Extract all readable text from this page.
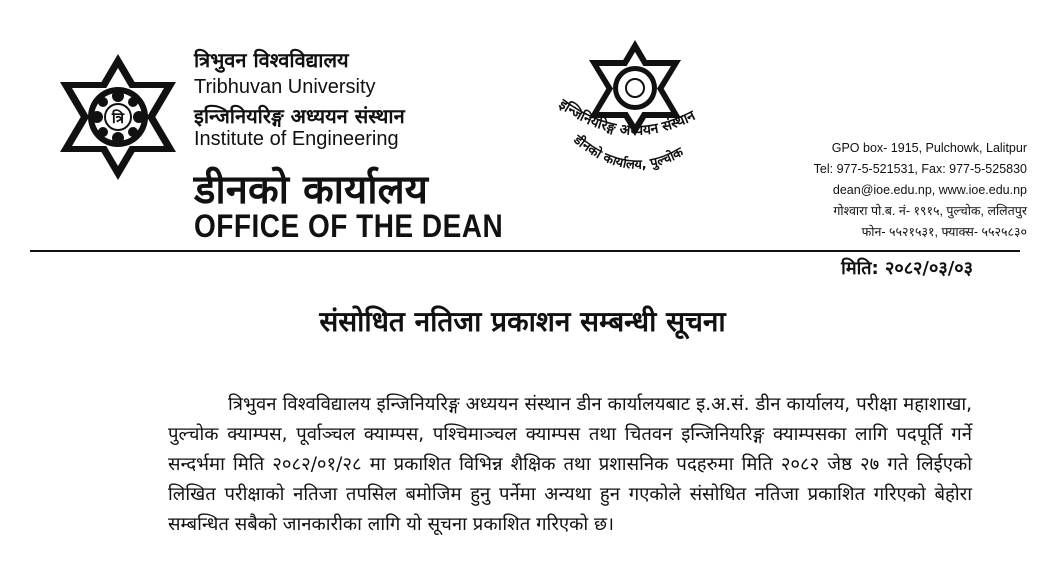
त्रि
त्रिभुवन विश्वविद्यालय
Tribhuvan University
इन्जिनियरिङ्ग अध्ययन संस्थान
Institute of Engineering
डीनको कार्यालय
OFFICE OF THE DEAN
इन्जिनियरिङ्ग अध्ययन संस्थान
डीनको कार्यालय, पुल्चोक	GPO box- 1915, Pulchowk, Lalitpur
Tel: 977-5-521531, Fax: 977-5-525830
dean@ioe.edu.np, www.ioe.edu.np
गोश्वारा पो.ब. नं- १९१५, पुल्चोक, ललितपुर
फोन- ५५२१५३१, फ्याक्स- ५५२५८३०
मिति: २०८२/०३/०३
संसोधित नतिजा प्रकाशन सम्बन्धी सूचना

त्रिभुवन विश्वविद्यालय इन्जिनियरिङ्ग अध्ययन संस्थान डीन कार्यालयबाट इ.अ.सं. डीन कार्यालय, परीक्षा महाशाखा, पुल्चोक क्याम्पस, पूर्वाञ्चल क्याम्पस, पश्चिमाञ्चल क्याम्पस तथा चितवन इन्जिनियरिङ्ग क्याम्पसका लागि पदपूर्ति गर्ने सन्दर्भमा मिति २०८२/०१/२८ मा प्रकाशित विभिन्न शैक्षिक तथा प्रशासनिक पदहरुमा मिति २०८२ जेष्ठ २७ गते लिईएको लिखित परीक्षाको नतिजा तपसिल बमोजिम हुनु पर्नेमा अन्यथा हुन गएकोले संसोधित नतिजा प्रकाशित गरिएको बेहोरा सम्बन्धित सबैको जानकारीका लागि यो सूचना प्रकाशित गरिएको छ।
